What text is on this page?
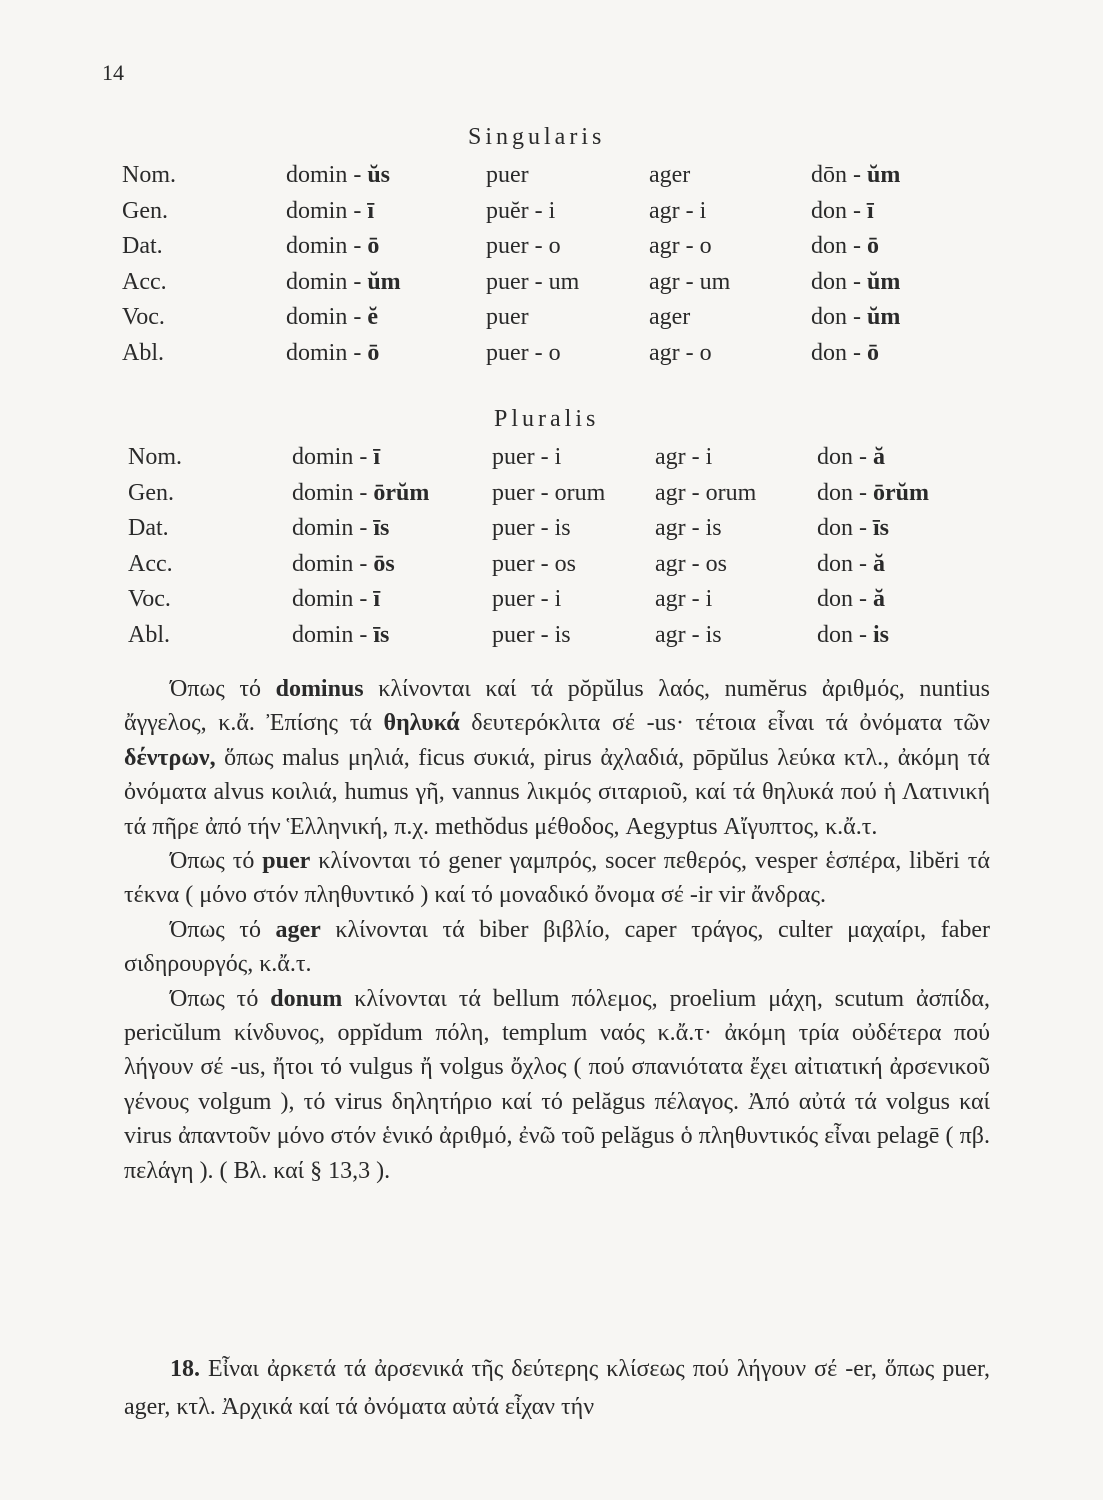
14
Singularis
Nom.	domin - ŭs	puer	ager	dōn - ŭm
Gen.	domin - ī	puĕr - i	agr - i	don - ī
Dat.	domin - ō	puer - o	agr - o	don - ō
Acc.	domin - ŭm	puer - um	agr - um	don - ŭm
Voc.	domin - ĕ	puer	ager	don - ŭm
Abl.	domin - ō	puer - o	agr - o	don - ō
Pluralis
Nom.	domin - ī	puer - i	agr - i	don - ă
Gen.	domin - ōrŭm	puer - orum	agr - orum	don - ōrŭm
Dat.	domin - īs	puer - is	agr - is	don - īs
Acc.	domin - ōs	puer - os	agr - os	don - ă
Voc.	domin - ī	puer - i	agr - i	don - ă
Abl.	domin - īs	puer - is	agr - is	don - is

Όπως τό dominus κλίνονται καί τά pŏpŭlus λαός, numĕrus ἀριθμός, nuntius ἄγγελος, κ.ἄ. Ἐπίσης τά θηλυκά δευτερόκλιτα σέ -us· τέτοια εἶναι τά ὀνόματα τῶν δέντρων, ὅπως malus μηλιά, ficus συκιά, pirus ἀχλαδιά, pōpŭlus λεύκα κτλ., ἀκόμη τά ὀνόματα alvus κοιλιά, humus γῆ, vannus λικμός σιταριοῦ, καί τά θηλυκά πού ἡ Λατινική τά πῆρε ἀπό τήν Ἑλληνική, π.χ. methŏdus μέθοδος, Aegyptus Αἴγυπτος, κ.ἄ.τ.

Όπως τό puer κλίνονται τό gener γαμπρός, socer πεθερός, vesper ἑσπέρα, libĕri τά τέκνα ( μόνο στόν πληθυντικό ) καί τό μοναδικό ὄνομα σέ -ir vir ἄνδρας.

Όπως τό ager κλίνονται τά biber βιβλίο, caper τράγος, culter μαχαίρι, faber σιδηρουργός, κ.ἄ.τ.

Όπως τό donum κλίνονται τά bellum πόλεμος, proelium μάχη, scutum ἀσπίδα, pericŭlum κίνδυνος, oppĭdum πόλη, templum ναός κ.ἄ.τ· ἀκόμη τρία οὐδέτερα πού λήγουν σέ -us, ἤτοι τό vulgus ἤ volgus ὄχλος ( πού σπανιότατα ἔχει αἰτιατική ἀρσενικοῦ γένους volgum ), τό virus δηλητήριο καί τό pelăgus πέλαγος. Ἀπό αὐτά τά volgus καί virus ἀπαντοῦν μόνο στόν ἑνικό ἀριθμό, ἐνῶ τοῦ pelăgus ὁ πληθυντικός εἶναι pelagē ( πβ. πελάγη ). ( Βλ. καί § 13,3 ).

18. Εἶναι ἀρκετά τά ἀρσενικά τῆς δεύτερης κλίσεως πού λήγουν σέ -er, ὅπως puer, ager, κτλ. Ἀρχικά καί τά ὀνόματα αὐτά εἶχαν τήν
